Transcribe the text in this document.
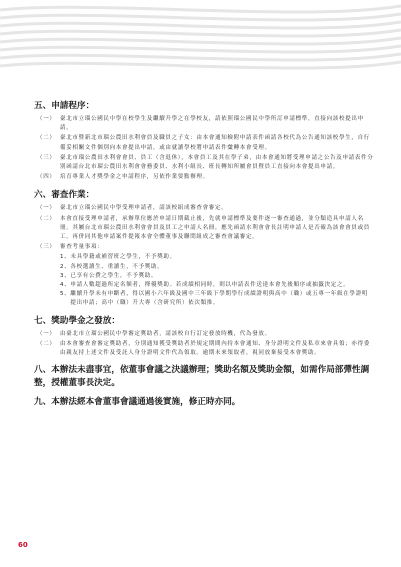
五、申請程序：
（一） 臺北市立瑠公國民中學在校學生及繼續升學之在學校友，請依照瑠公國民中學所訂申請標準，直接向該校提出申請。
（二） 臺北市暨新北市瑠公農田水利會員及職員之子女：由本會通知檢附申請表件函請各校代為公告通知該校學生，自行備妥相關文件個別向本會提出申請，或由就讀學校將申請表件彙轉本會受理。
（三） 臺北市瑠公農田水利會會員、員工（含退休），本會員工及其在學子弟，由本會通知將受理申請之公告及申請表件分別函請台北市瑠公農田水利會會務委員、水利小組長、班長轉知所屬會員暨員工直接向本會提出申請。
（四） 培育專業人才獎學金之申請程序，另依作業要點辦理。
六、審查作業：
（一） 臺北市立瑠公國民中學受理申請者，請該校組成審查會審定。
（二） 本會直接受理申請者，承辦單位應於申請日期截止後，先就申請標準及要件逐一審查通過，並分類造具申請人名冊。其屬台北市瑠公農田水利會會員及員工之申請人名冊，應先函請水利會會長註明申請人是否確為該會會員或員工。再併同其他申請案件提報本會全體董事及聯問組成之審查會議審定。
（三） 審查考量事項：
1、 未具學籍或補習班之學生，不予獎助。
2、 各校選讀生、重讀生，不予獎助。
3、 已享有公費之學生，不予獎助。
4、 申請人數超過所定名額者，擇優獎助。若成績相同時，則以申請表件送達本會先後順序或抽籤決定之。
5、 繼續升學未有申斷者，得以國小六年級及國中三年級下學期學行成績證明與高中（職）或五專一年級在學證明提出申請；高中（職）升大專（含研究所）依次類推。
七、獎助學金之發放：
（一） 由臺北市立瑠公國民中學審定獎助者，請該校自行訂定發放時機，代為發放。
（二） 由本會審查會審定獎助者，分別通知獲受獎助者於規定期間內持本會通知、身分證明文件及私章來會具領；亦得委由親友持上述文件及受託人身分證明文件代為領取。逾期未來領取者，視同放棄接受本會獎助。
八、本辦法未盡事宜，依董事會議之決議辦理；獎助名額及獎助金額，如需作局部彈性調整，授權董事長決定。
九、本辦法經本會董事會議通過後實施，修正時亦同。
60
